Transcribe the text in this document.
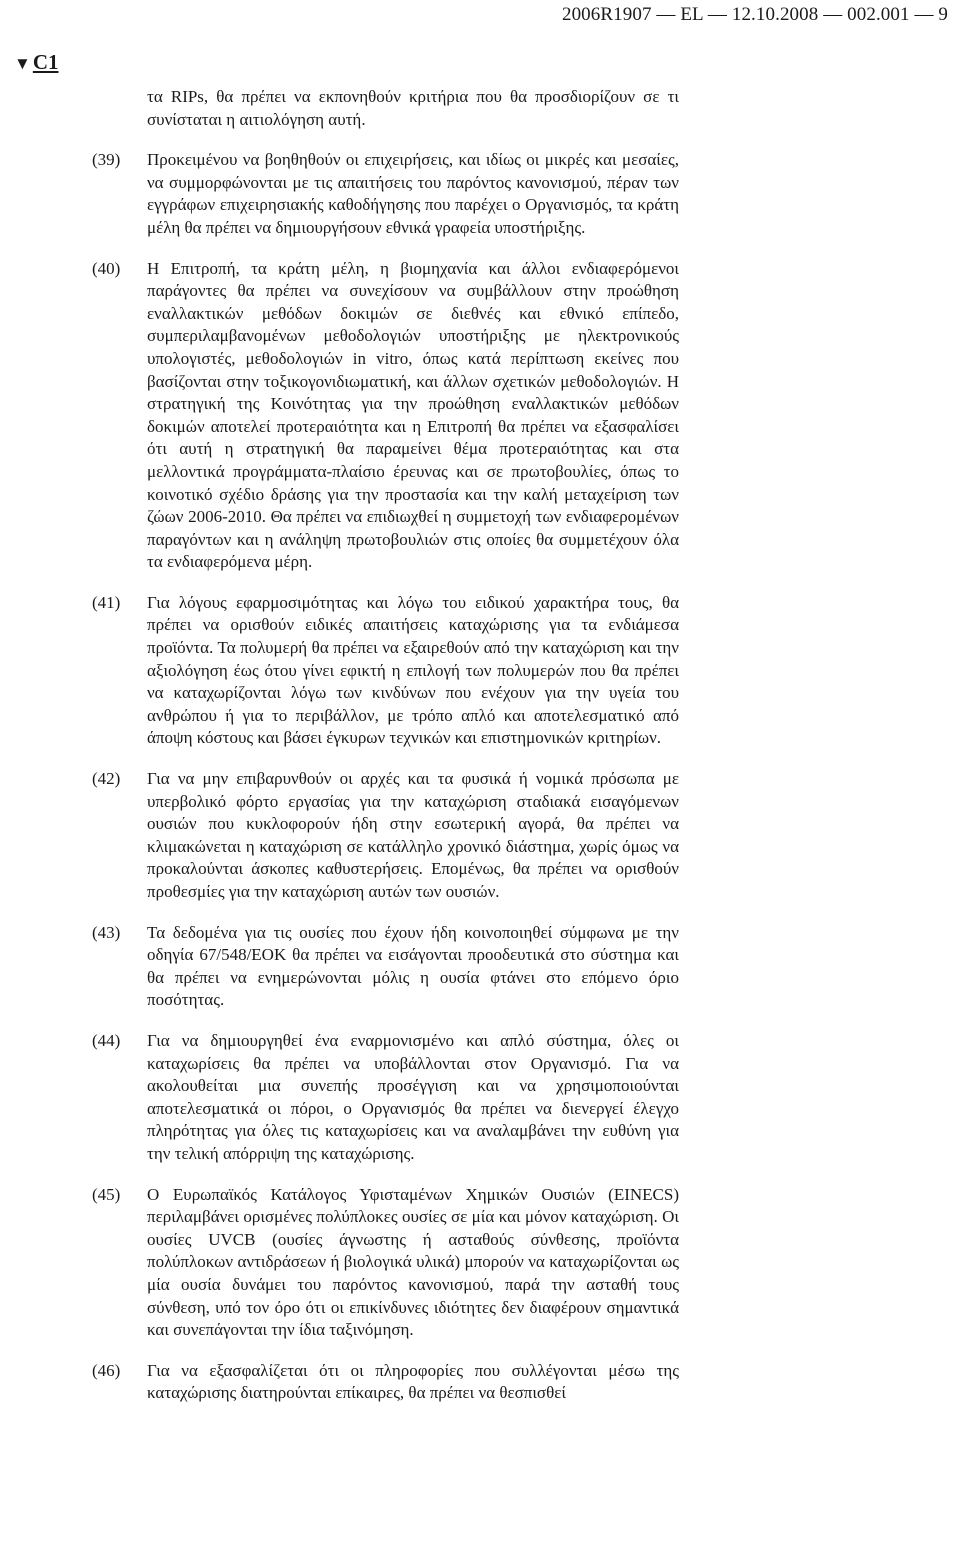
2006R1907 — EL — 12.10.2008 — 002.001 — 9
▼C1
τα RIPs, θα πρέπει να εκπονηθούν κριτήρια που θα προσδιορίζουν σε τι συνίσταται η αιτιολόγηση αυτή.
(39) Προκειμένου να βοηθηθούν οι επιχειρήσεις, και ιδίως οι μικρές και μεσαίες, να συμμορφώνονται με τις απαιτήσεις του παρόντος κανονισμού, πέραν των εγγράφων επιχειρησιακής καθοδήγησης που παρέχει ο Οργανισμός, τα κράτη μέλη θα πρέπει να δημιουργήσουν εθνικά γραφεία υποστήριξης.
(40) Η Επιτροπή, τα κράτη μέλη, η βιομηχανία και άλλοι ενδιαφερόμενοι παράγοντες θα πρέπει να συνεχίσουν να συμβάλλουν στην προώθηση εναλλακτικών μεθόδων δοκιμών σε διεθνές και εθνικό επίπεδο, συμπεριλαμβανομένων μεθοδολογιών υποστήριξης με ηλεκτρονικούς υπολογιστές, μεθοδολογιών in vitro, όπως κατά περίπτωση εκείνες που βασίζονται στην τοξικογονιδιωματική, και άλλων σχετικών μεθοδολογιών. Η στρατηγική της Κοινότητας για την προώθηση εναλλακτικών μεθόδων δοκιμών αποτελεί προτεραιότητα και η Επιτροπή θα πρέπει να εξασφαλίσει ότι αυτή η στρατηγική θα παραμείνει θέμα προτεραιότητας και στα μελλοντικά προγράμματα-πλαίσιο έρευνας και σε πρωτοβουλίες, όπως το κοινοτικό σχέδιο δράσης για την προστασία και την καλή μεταχείριση των ζώων 2006-2010. Θα πρέπει να επιδιωχθεί η συμμετοχή των ενδιαφερομένων παραγόντων και η ανάληψη πρωτοβουλιών στις οποίες θα συμμετέχουν όλα τα ενδιαφερόμενα μέρη.
(41) Για λόγους εφαρμοσιμότητας και λόγω του ειδικού χαρακτήρα τους, θα πρέπει να ορισθούν ειδικές απαιτήσεις καταχώρισης για τα ενδιάμεσα προϊόντα. Τα πολυμερή θα πρέπει να εξαιρεθούν από την καταχώριση και την αξιολόγηση έως ότου γίνει εφικτή η επιλογή των πολυμερών που θα πρέπει να καταχωρίζονται λόγω των κινδύνων που ενέχουν για την υγεία του ανθρώπου ή για το περιβάλλον, με τρόπο απλό και αποτελεσματικό από άποψη κόστους και βάσει έγκυρων τεχνικών και επιστημονικών κριτηρίων.
(42) Για να μην επιβαρυνθούν οι αρχές και τα φυσικά ή νομικά πρόσωπα με υπερβολικό φόρτο εργασίας για την καταχώριση σταδιακά εισαγόμενων ουσιών που κυκλοφορούν ήδη στην εσωτερική αγορά, θα πρέπει να κλιμακώνεται η καταχώριση σε κατάλληλο χρονικό διάστημα, χωρίς όμως να προκαλούνται άσκοπες καθυστερήσεις. Επομένως, θα πρέπει να ορισθούν προθεσμίες για την καταχώριση αυτών των ουσιών.
(43) Τα δεδομένα για τις ουσίες που έχουν ήδη κοινοποιηθεί σύμφωνα με την οδηγία 67/548/ΕΟΚ θα πρέπει να εισάγονται προοδευτικά στο σύστημα και θα πρέπει να ενημερώνονται μόλις η ουσία φτάνει στο επόμενο όριο ποσότητας.
(44) Για να δημιουργηθεί ένα εναρμονισμένο και απλό σύστημα, όλες οι καταχωρίσεις θα πρέπει να υποβάλλονται στον Οργανισμό. Για να ακολουθείται μια συνεπής προσέγγιση και να χρησιμοποιούνται αποτελεσματικά οι πόροι, ο Οργανισμός θα πρέπει να διενεργεί έλεγχο πληρότητας για όλες τις καταχωρίσεις και να αναλαμβάνει την ευθύνη για την τελική απόρριψη της καταχώρισης.
(45) Ο Ευρωπαϊκός Κατάλογος Υφισταμένων Χημικών Ουσιών (EINECS) περιλαμβάνει ορισμένες πολύπλοκες ουσίες σε μία και μόνον καταχώριση. Οι ουσίες UVCB (ουσίες άγνωστης ή ασταθούς σύνθεσης, προϊόντα πολύπλοκων αντιδράσεων ή βιολογικά υλικά) μπορούν να καταχωρίζονται ως μία ουσία δυνάμει του παρόντος κανονισμού, παρά την ασταθή τους σύνθεση, υπό τον όρο ότι οι επικίνδυνες ιδιότητες δεν διαφέρουν σημαντικά και συνεπάγονται την ίδια ταξινόμηση.
(46) Για να εξασφαλίζεται ότι οι πληροφορίες που συλλέγονται μέσω της καταχώρισης διατηρούνται επίκαιρες, θα πρέπει να θεσπισθεί
